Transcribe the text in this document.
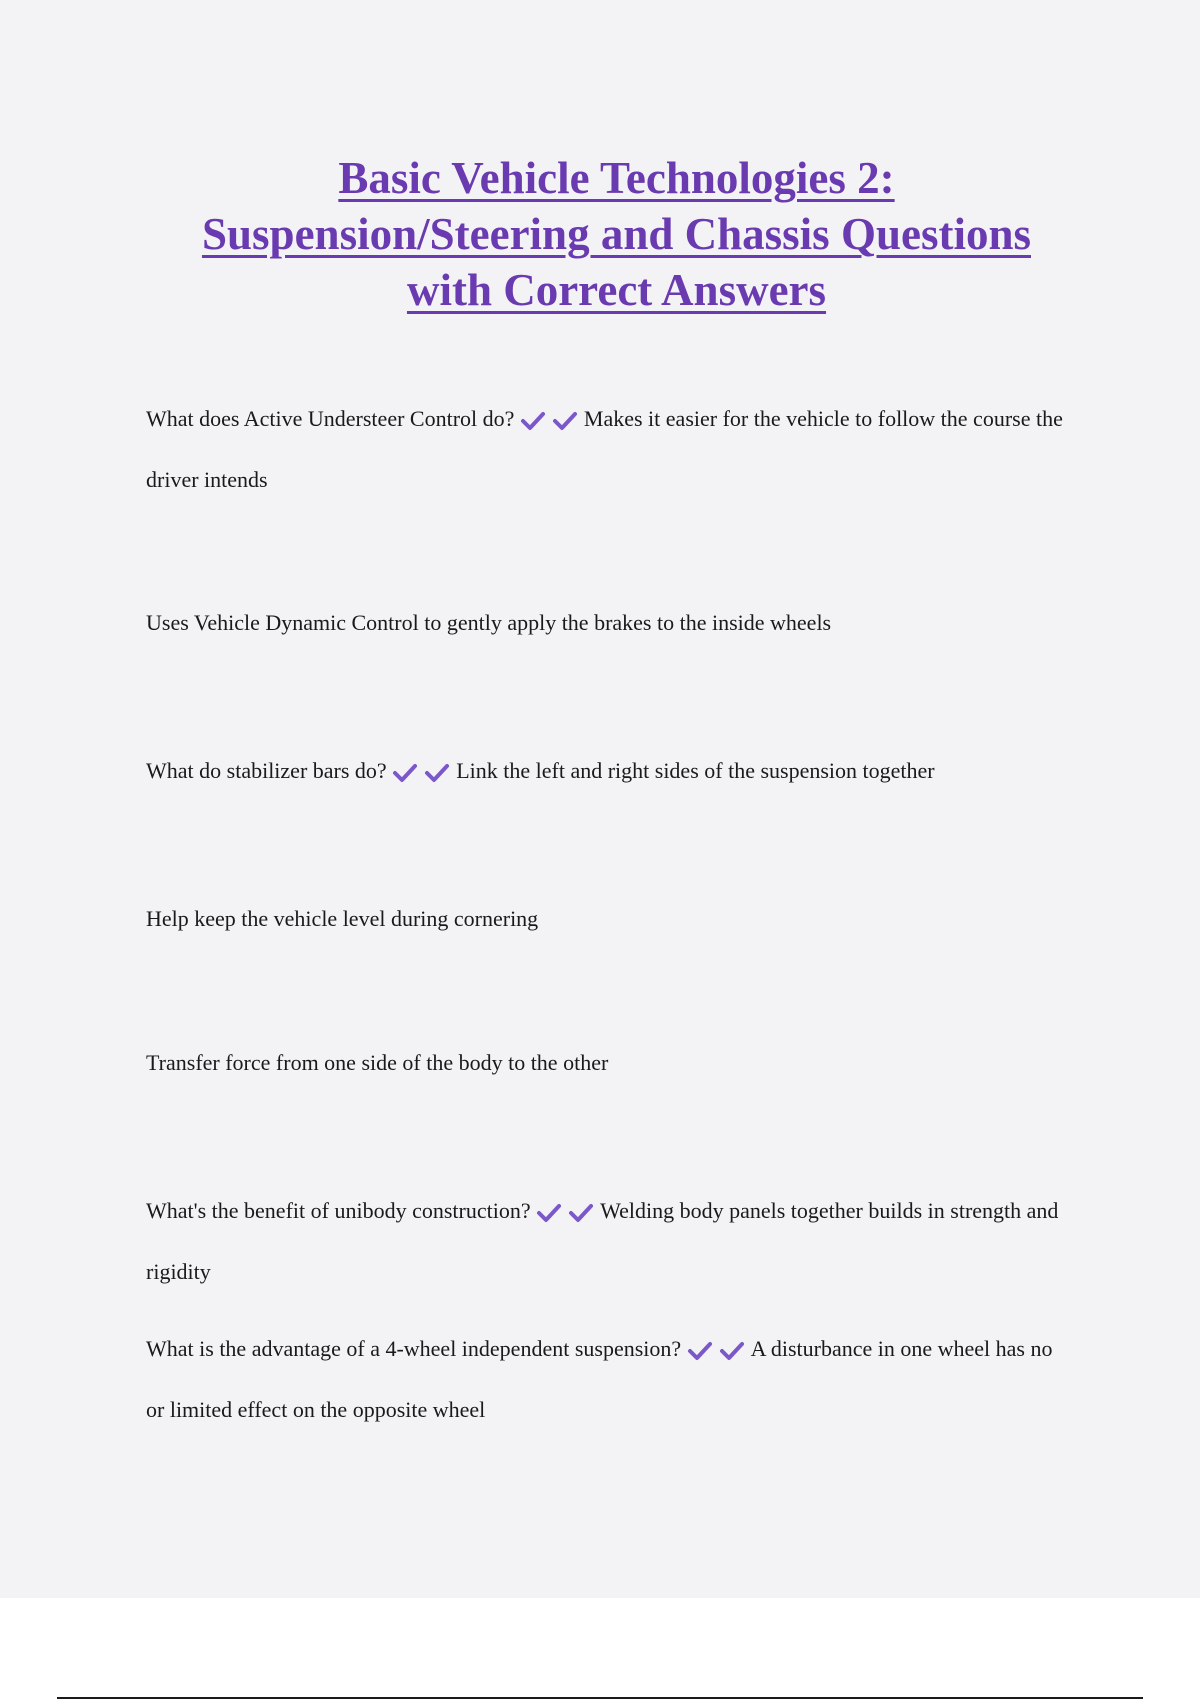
Basic Vehicle Technologies 2:
Suspension/Steering and Chassis Questions
with Correct Answers
What does Active Understeer Control do?	Makes it easier for the vehicle to follow the course the driver intends
Uses Vehicle Dynamic Control to gently apply the brakes to the inside wheels
What do stabilizer bars do?	Link the left and right sides of the suspension together
Help keep the vehicle level during cornering
Transfer force from one side of the body to the other
What's the benefit of unibody construction?	Welding body panels together builds in strength and rigidity
What is the advantage of a 4-wheel independent suspension?	A disturbance in one wheel has no or limited effect on the opposite wheel
